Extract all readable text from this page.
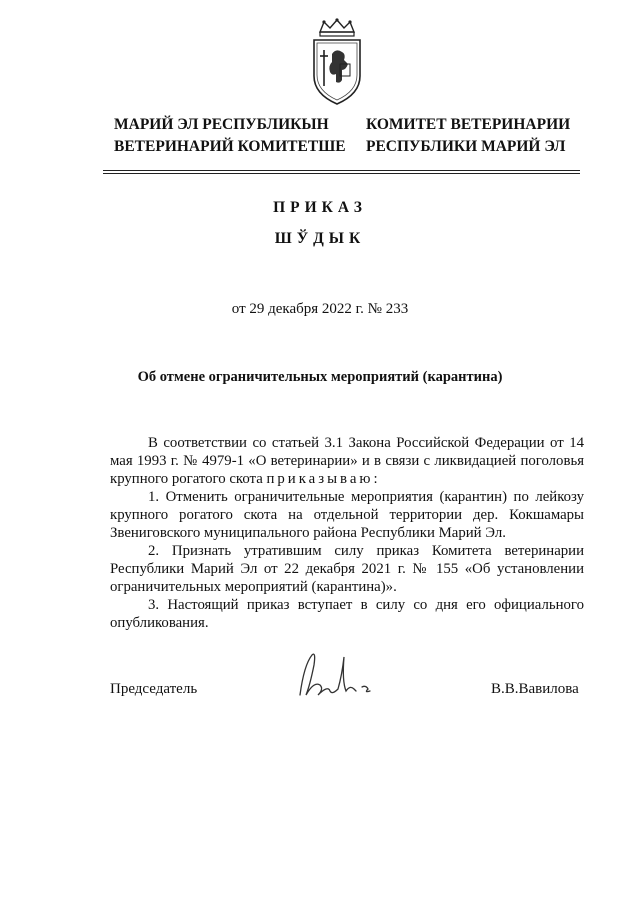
МАРИЙ ЭЛ РЕСПУБЛИКЫН
ВЕТЕРИНАРИЙ КОМИТЕТШЕ
КОМИТЕТ ВЕТЕРИНАРИИ
РЕСПУБЛИКИ МАРИЙ ЭЛ
ПРИКАЗ
ШЎДЫК
от 29 декабря 2022 г. № 233
Об отмене ограничительных мероприятий (карантина)

В соответствии со статьей 3.1 Закона Российской Федерации от 14 мая 1993 г. № 4979-1 «О ветеринарии» и в связи с ликвидацией поголовья крупного рогатого скота приказываю:

1. Отменить ограничительные мероприятия (карантин) по лейкозу крупного рогатого скота на отдельной территории дер. Кокшамары Звениговского муниципального района Республики Марий Эл.

2. Признать утратившим силу приказ Комитета ветеринарии Республики Марий Эл от 22 декабря 2021 г. № 155 «Об установлении ограничительных мероприятий (карантина)».

3. Настоящий приказ вступает в силу со дня его официального опубликования.

Председатель	В.В.Вавилова
